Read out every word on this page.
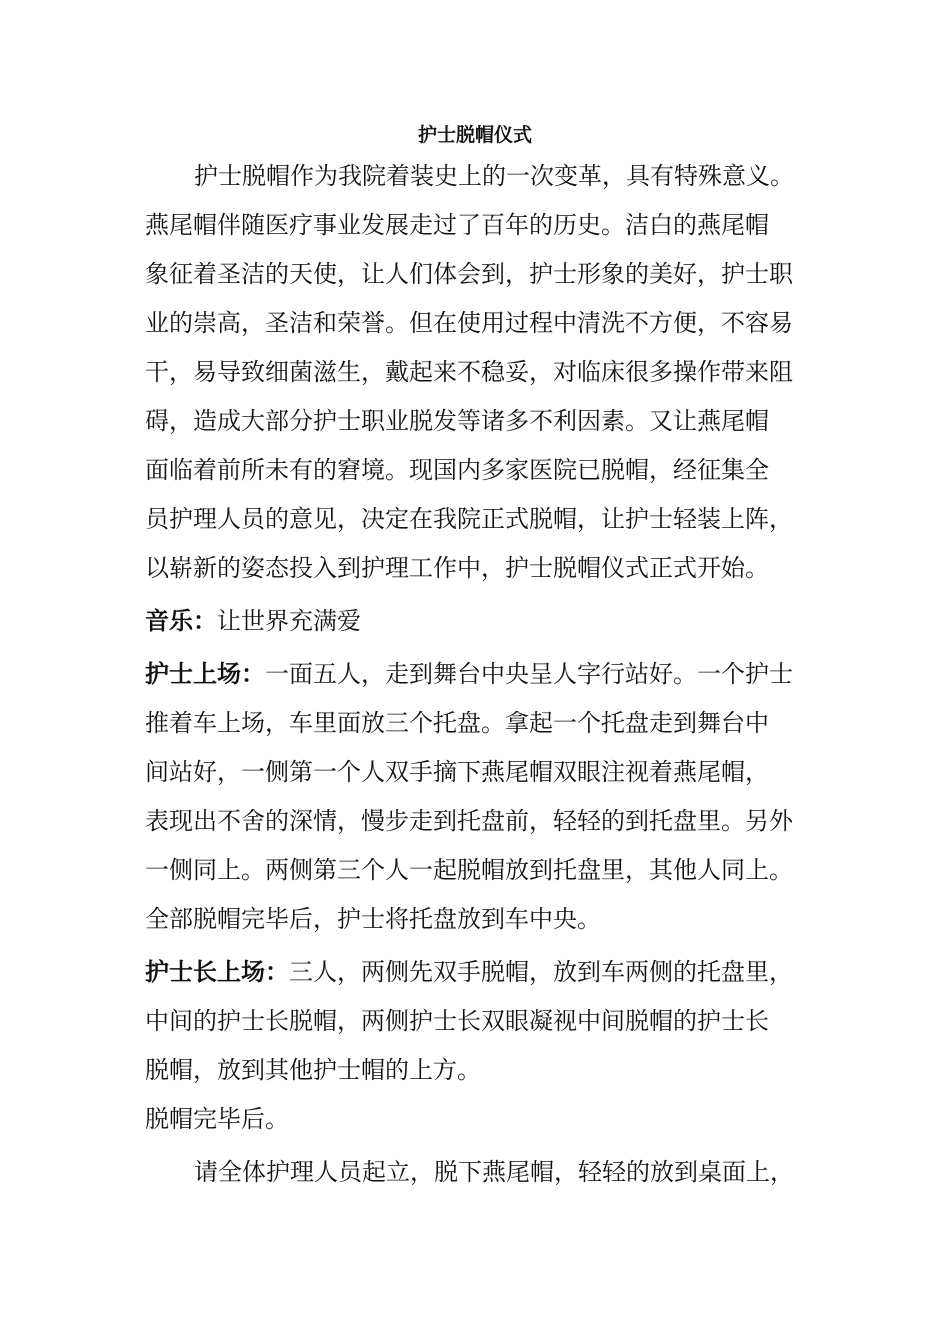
护士脱帽仪式
护士脱帽作为我院着装史上的一次变革，具有特殊意义。
燕尾帽伴随医疗事业发展走过了百年的历史。洁白的燕尾帽
象征着圣洁的天使，让人们体会到，护士形象的美好，护士职
业的崇高，圣洁和荣誉。但在使用过程中清洗不方便，不容易
干，易导致细菌滋生，戴起来不稳妥，对临床很多操作带来阻
碍，造成大部分护士职业脱发等诸多不利因素。又让燕尾帽
面临着前所未有的窘境。现国内多家医院已脱帽，经征集全
员护理人员的意见，决定在我院正式脱帽，让护士轻装上阵，
以崭新的姿态投入到护理工作中，护士脱帽仪式正式开始。
音乐：让世界充满爱
护士上场：一面五人，走到舞台中央呈人字行站好。一个护士
推着车上场，车里面放三个托盘。拿起一个托盘走到舞台中
间站好，一侧第一个人双手摘下燕尾帽双眼注视着燕尾帽，
表现出不舍的深情，慢步走到托盘前，轻轻的到托盘里。另外
一侧同上。两侧第三个人一起脱帽放到托盘里，其他人同上。
全部脱帽完毕后，护士将托盘放到车中央。
护士长上场：三人，两侧先双手脱帽，放到车两侧的托盘里，
中间的护士长脱帽，两侧护士长双眼凝视中间脱帽的护士长
脱帽，放到其他护士帽的上方。
脱帽完毕后。
请全体护理人员起立，脱下燕尾帽，轻轻的放到桌面上，
